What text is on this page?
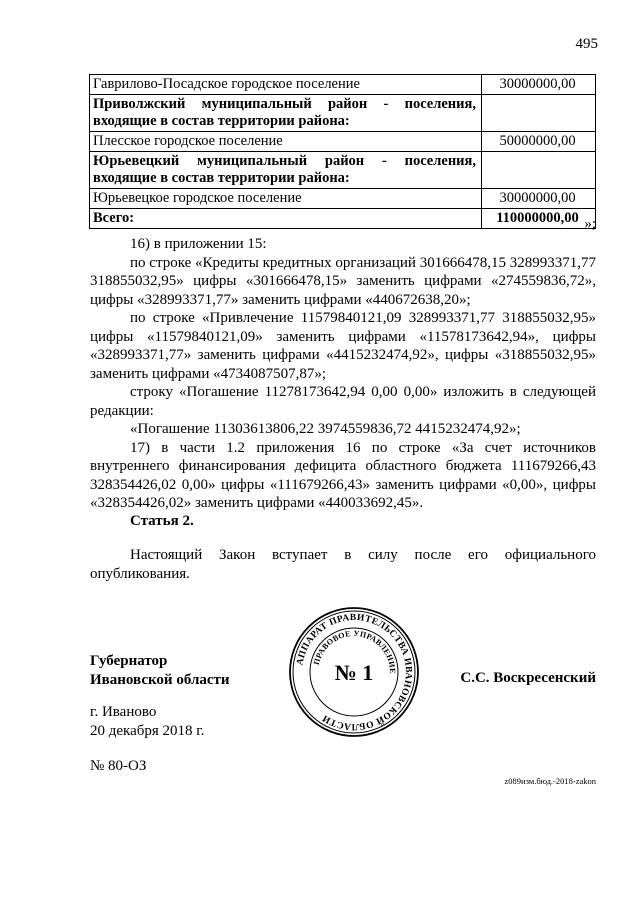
495
Гаврилово-Посадское городское поселение	30000000,00

Приволжский муниципальный район - поселения,
входящие в состав территории района:	

Плесское городское поселение	50000000,00

Юрьевецкий муниципальный район - поселения,
входящие в состав территории района:	

Юрьевецкое городское поселение	30000000,00
Всего:	110000000,00 »;

16) в приложении 15:

по строке «Кредиты кредитных организаций 301666478,15 328993371,77 318855032,95» цифры «301666478,15» заменить цифрами «274559836,72», цифры «328993371,77» заменить цифрами «440672638,20»;

по строке «Привлечение 11579840121,09 328993371,77 318855032,95» цифры «11579840121,09» заменить цифрами «11578173642,94», цифры «328993371,77» заменить цифрами «4415232474,92», цифры «318855032,95» заменить цифрами «4734087507,87»;

строку «Погашение 11278173642,94 0,00 0,00» изложить в следующей редакции:

«Погашение 11303613806,22 3974559836,72 4415232474,92»;

17) в части 1.2 приложения 16 по строке «За счет источников внутреннего финансирования дефицита областного бюджета 111679266,43 328354426,02 0,00» цифры «111679266,43» заменить цифрами «0,00», цифры «328354426,02» заменить цифрами «440033692,45».

Статья 2.
Настоящий Закон вступает в силу после его официального опубликования.
Губернатор
Ивановской области	С.С. Воскресенский
АППАРАТ ПРАВИТЕЛЬСТВА ИВАНОВСКОЙ ОБЛАСТИ
ПРАВОВОЕ УПРАВЛЕНИЕ
№ 1
г. Иваново
20 декабря 2018 г.
№ 80-ОЗ
z089изм.бюд.-2018-zakon
